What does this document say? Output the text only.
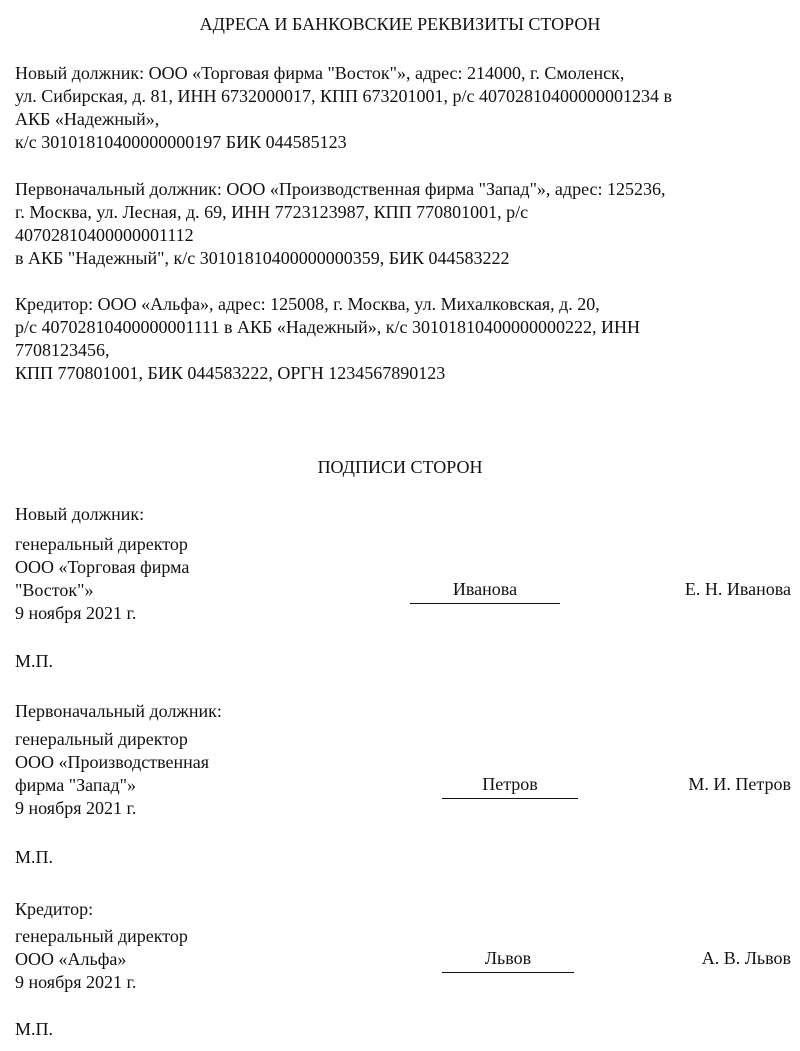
АДРЕСА И БАНКОВСКИЕ РЕКВИЗИТЫ СТОРОН
Новый должник: ООО «Торговая фирма "Восток"», адрес: 214000, г. Смоленск,
ул. Сибирская, д. 81, ИНН 6732000017, КПП 673201001, р/с 40702810400000001234 в
АКБ «Надежный»,
к/с 30101810400000000197 БИК 044585123
Первоначальный должник: ООО «Производственная фирма "Запад"», адрес: 125236,
г. Москва, ул. Лесная, д. 69, ИНН 7723123987, КПП 770801001, р/с
40702810400000001112
в АКБ "Надежный", к/с 30101810400000000359, БИК 044583222
Кредитор: ООО «Альфа», адрес: 125008, г. Москва, ул. Михалковская, д. 20,
р/с 40702810400000001111 в АКБ «Надежный», к/с 30101810400000000222, ИНН
7708123456,
КПП 770801001, БИК 044583222, ОРГН 1234567890123
ПОДПИСИ СТОРОН
Новый должник:
генеральный директор
ООО «Торговая фирма
"Восток"»
9 ноября 2021 г.
Иванова	Е. Н. Иванова
М.П.
Первоначальный должник:
генеральный директор
ООО «Производственная
фирма "Запад"»
9 ноября 2021 г.
Петров	М. И. Петров
М.П.
Кредитор:
генеральный директор
ООО «Альфа»
9 ноября 2021 г.
Львов	А. В. Львов
М.П.
